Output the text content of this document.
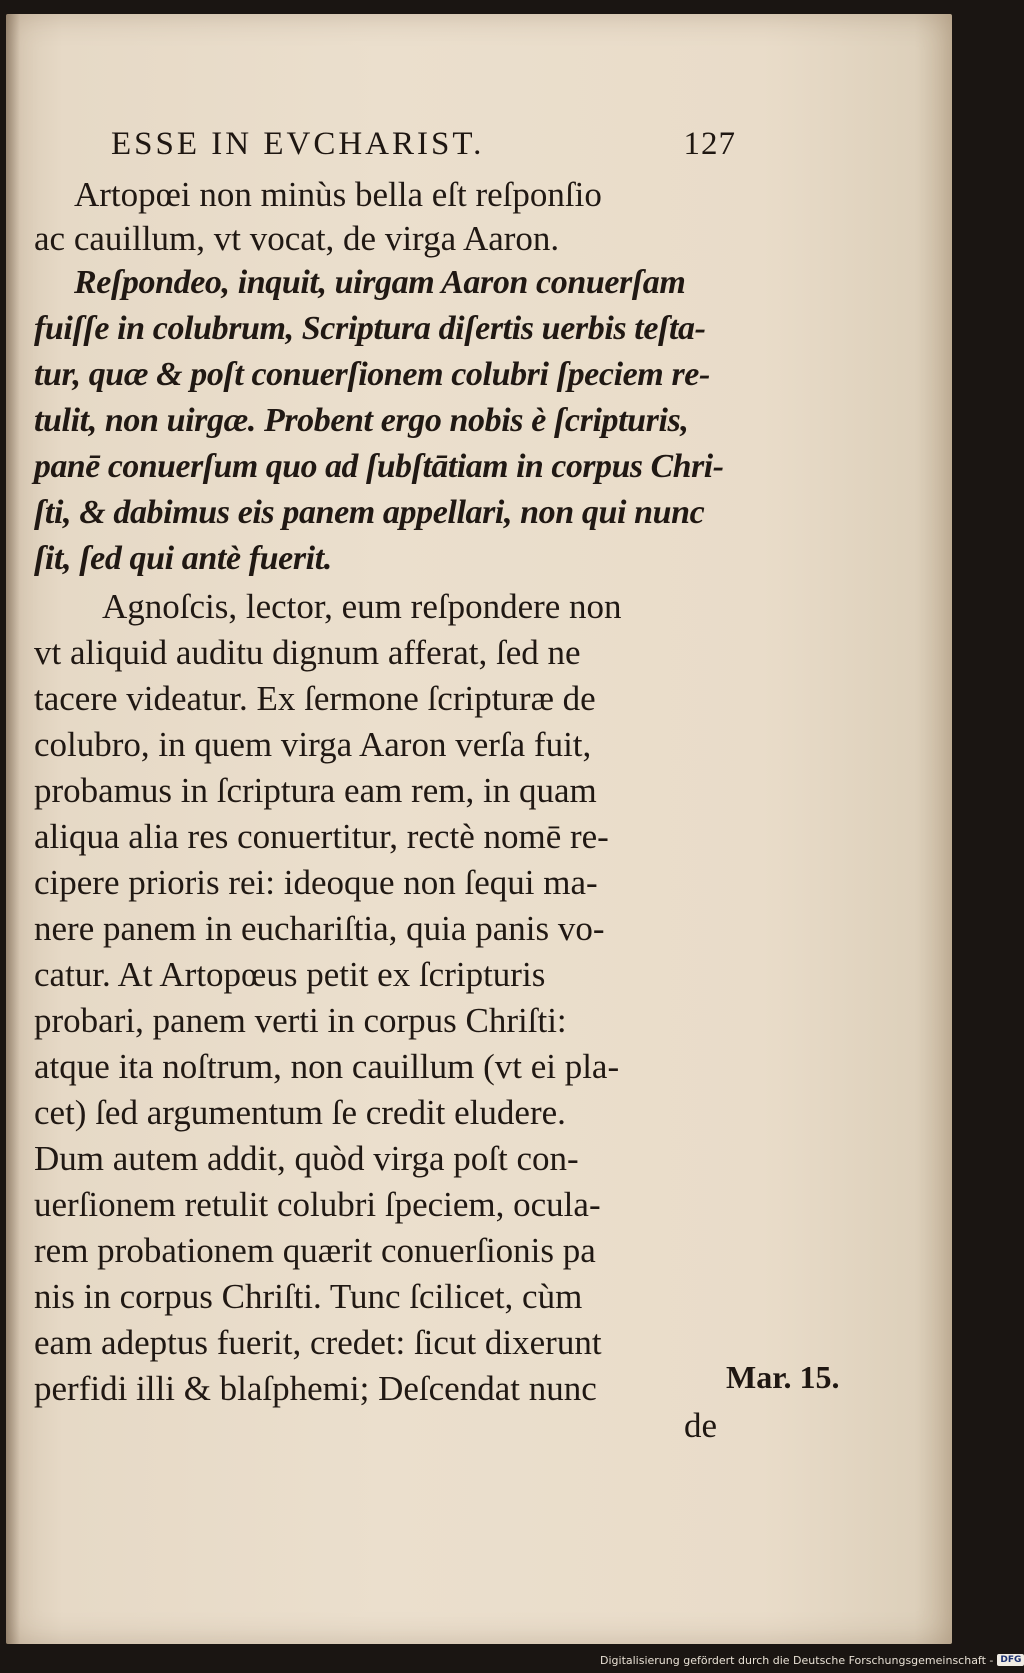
ESSE IN EVCHARIST.	127
Artopœi non minùs bella eſt reſponſio
ac cauillum, vt vocat, de virga Aaron.
Reſpondeo, inquit, uirgam Aaron conuerſam
fuiſſe in colubrum, Scriptura diſertis uerbis teſta-
tur, quæ & poſt conuerſionem colubri ſpeciem re-
tulit, non uirgæ. Probent ergo nobis è ſcripturis,
panē conuerſum quo ad ſubſtātiam in corpus Chri-
ſti, & dabimus eis panem appellari, non qui nunc
ſit, ſed qui antè fuerit.
Agnoſcis, lector, eum reſpondere non
vt aliquid auditu dignum afferat, ſed ne
tacere videatur. Ex ſermone ſcripturæ de
colubro, in quem virga Aaron verſa fuit,
probamus in ſcriptura eam rem, in quam
aliqua alia res conuertitur, rectè nomē re-
cipere prioris rei: ideoque non ſequi ma-
nere panem in euchariſtia, quia panis vo-
catur. At Artopœus petit ex ſcripturis
probari, panem verti in corpus Chriſti:
atque ita noſtrum, non cauillum (vt ei pla-
cet) ſed argumentum ſe credit eludere.
Dum autem addit, quòd virga poſt con-
uerſionem retulit colubri ſpeciem, ocula-
rem probationem quærit conuerſionis pa
nis in corpus Chriſti. Tunc ſcilicet, cùm
eam adeptus fuerit, credet: ſicut dixerunt
perfidi illi & blaſphemi; Deſcendat nunc	Mar. 15.
de
Digitalisierung gefördert durch die Deutsche Forschungsgemeinschaft - DFG
